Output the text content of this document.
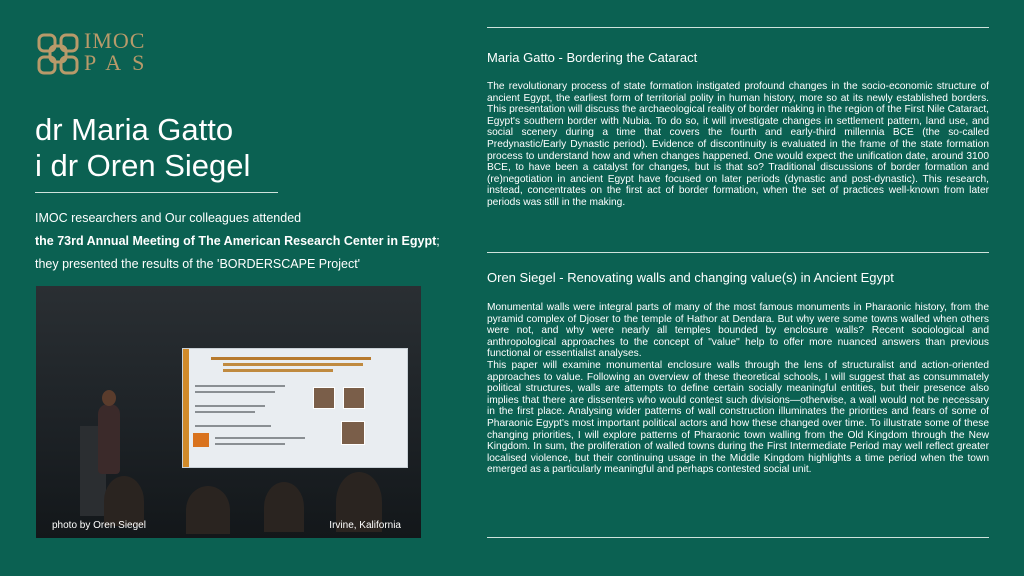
IMOC
PAS
dr Maria Gatto
i dr Oren Siegel
IMOC researchers and Our colleagues attended
the 73rd Annual Meeting of The American Research Center in Egypt;
they presented the results of the 'BORDERSCAPE Project'
photo by Oren Siegel	Irvine, Kalifornia
Maria Gatto - Bordering the Cataract

The revolutionary process of state formation instigated profound changes in the socio-economic structure of ancient Egypt, the earliest form of territorial polity in human history, more so at its newly established borders. This presentation will discuss the archaeological reality of border making in the region of the First Nile Cataract, Egypt's southern border with Nubia. To do so, it will investigate changes in settlement pattern, land use, and social scenery during a time that covers the fourth and early-third millennia BCE (the so-called Predynastic/Early Dynastic period). Evidence of discontinuity is evaluated in the frame of the state formation process to understand how and when changes happened. One would expect the unification date, around 3100 BCE, to have been a catalyst for changes, but is that so? Traditional discussions of border formation and (re)negotiation in ancient Egypt have focused on later periods (dynastic and post-dynastic). This research, instead, concentrates on the first act of border formation, when the set of practices well-known from later periods was still in the making.

Oren Siegel - Renovating walls and changing value(s) in Ancient Egypt

Monumental walls were integral parts of many of the most famous monuments in Pharaonic history, from the pyramid complex of Djoser to the temple of Hathor at Dendara. But why were some towns walled when others were not, and why were nearly all temples bounded by enclosure walls? Recent sociological and anthropological approaches to the concept of "value" help to offer more nuanced answers than previous functional or essentialist analyses.

This paper will examine monumental enclosure walls through the lens of structuralist and action-oriented approaches to value. Following an overview of these theoretical schools, I will suggest that as consummately political structures, walls are attempts to define certain socially meaningful entities, but their presence also implies that there are dissenters who would contest such divisions—otherwise, a wall would not be necessary in the first place. Analysing wider patterns of wall construction illuminates the priorities and fears of some of Pharaonic Egypt's most important political actors and how these changed over time. To illustrate some of these changing priorities, I will explore patterns of Pharaonic town walling from the Old Kingdom through the New Kingdom. In sum, the proliferation of walled towns during the First Intermediate Period may well reflect greater localised violence, but their continuing usage in the Middle Kingdom highlights a time period when the town emerged as a particularly meaningful and perhaps contested social unit.
